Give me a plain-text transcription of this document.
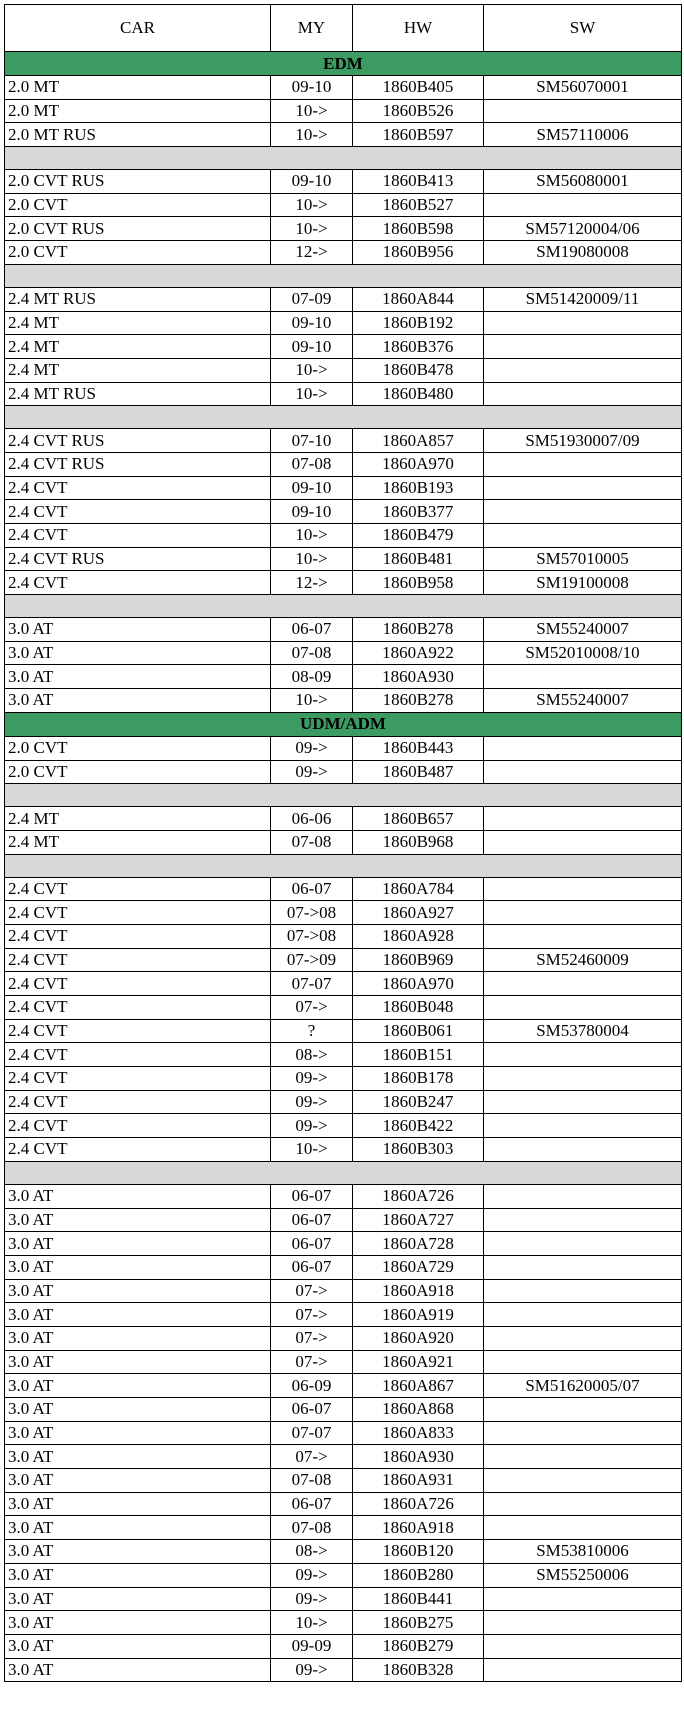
CAR	MY	HW	SW
EDM			
2.0 MT	09-10	1860B405	SM56070001
2.0 MT	10->	1860B526	
2.0 MT RUS	10->	1860B597	SM57110006

2.0 CVT RUS	09-10	1860B413	SM56080001
2.0 CVT	10->	1860B527	
2.0 CVT RUS	10->	1860B598	SM57120004/06
2.0 CVT	12->	1860B956	SM19080008

2.4 MT RUS	07-09	1860A844	SM51420009/11
2.4 MT	09-10	1860B192	
2.4 MT	09-10	1860B376	
2.4 MT	10->	1860B478	
2.4 MT RUS	10->	1860B480	

2.4 CVT RUS	07-10	1860A857	SM51930007/09
2.4 CVT RUS	07-08	1860A970	
2.4 CVT	09-10	1860B193	
2.4 CVT	09-10	1860B377	
2.4 CVT	10->	1860B479	
2.4 CVT RUS	10->	1860B481	SM57010005
2.4 CVT	12->	1860B958	SM19100008

3.0 AT	06-07	1860B278	SM55240007
3.0 AT	07-08	1860A922	SM52010008/10
3.0 AT	08-09	1860A930	
3.0 AT	10->	1860B278	SM55240007
UDM/ADM			
2.0 CVT	09->	1860B443	
2.0 CVT	09->	1860B487	

2.4 MT	06-06	1860B657	
2.4 MT	07-08	1860B968	

2.4 CVT	06-07	1860A784	
2.4 CVT	07->08	1860A927	
2.4 CVT	07->08	1860A928	
2.4 CVT	07->09	1860B969	SM52460009
2.4 CVT	07-07	1860A970	
2.4 CVT	07->	1860B048	
2.4 CVT	?	1860B061	SM53780004
2.4 CVT	08->	1860B151	
2.4 CVT	09->	1860B178	
2.4 CVT	09->	1860B247	
2.4 CVT	09->	1860B422	
2.4 CVT	10->	1860B303	

3.0 AT	06-07	1860A726	
3.0 AT	06-07	1860A727	
3.0 AT	06-07	1860A728	
3.0 AT	06-07	1860A729	
3.0 AT	07->	1860A918	
3.0 AT	07->	1860A919	
3.0 AT	07->	1860A920	
3.0 AT	07->	1860A921	
3.0 AT	06-09	1860A867	SM51620005/07
3.0 AT	06-07	1860A868	
3.0 AT	07-07	1860A833	
3.0 AT	07->	1860A930	
3.0 AT	07-08	1860A931	
3.0 AT	06-07	1860A726	
3.0 AT	07-08	1860A918	
3.0 AT	08->	1860B120	SM53810006
3.0 AT	09->	1860B280	SM55250006
3.0 AT	09->	1860B441	
3.0 AT	10->	1860B275	
3.0 AT	09-09	1860B279	
3.0 AT	09->	1860B328	
